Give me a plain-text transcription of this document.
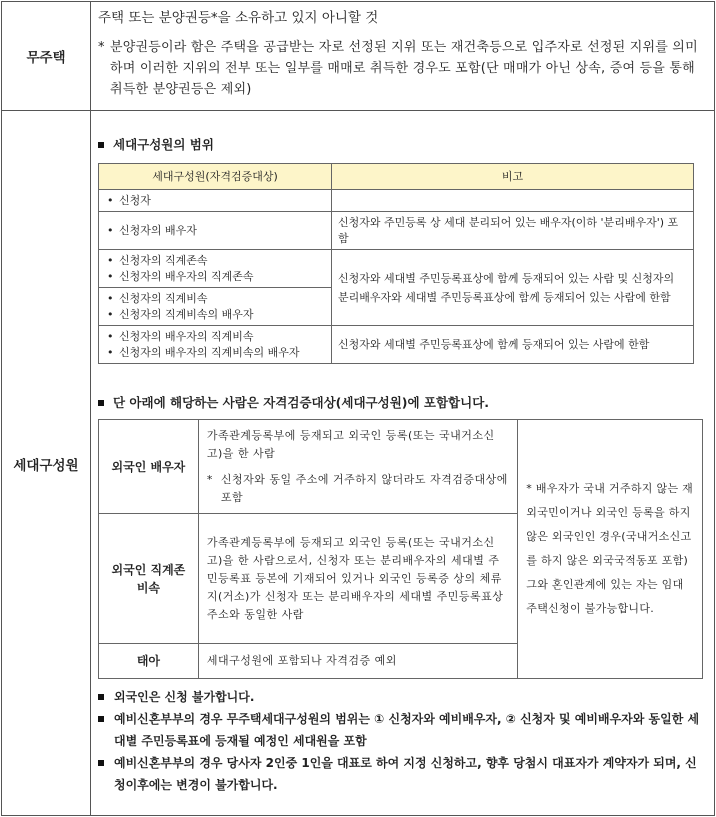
무주택
세대구성원
주택 또는 분양권등*을 소유하고 있지 아니할 것
* 분양권등이라 함은 주택을 공급받는 자로 선정된 지위 또는 재건축등으로 입주자로 선정된 지위를 의미하며 이러한 지위의 전부 또는 일부를 매매로 취득한 경우도 포함(단 매매가 아닌 상속, 증여 등을 통해 취득한 분양권등은 제외)
세대구성원의 범위
세대구성원(자격검증대상)	비고

• 신청자

• 신청자의 배우자	신청자와 주민등록 상 세대 분리되어 있는 배우자(이하 '분리배우자') 포함

• 신청자의 직계존속
• 신청자의 배우자의 직계존속	신청자와 세대별 주민등록표상에 함께 등재되어 있는 사람 및 신청자의 분리배우자와 세대별 주민등록표상에 함께 등재되어 있는 사람에 한함

• 신청자의 직계비속
• 신청자의 직계비속의 배우자

• 신청자의 배우자의 직계비속
• 신청자의 배우자의 직계비속의 배우자	신청자와 세대별 주민등록표상에 함께 등재되어 있는 사람에 한함
단 아래에 해당하는 사람은 자격검증대상(세대구성원)에 포함합니다.
외국인 배우자	가족관계등록부에 등재되고 외국인 등록(또는 국내거소신고)을 한 사람
* 신청자와 동일 주소에 거주하지 않더라도 자격검증대상에 포함	* 배우자가 국내 거주하지 않는 재외국민이거나 외국인 등록을 하지 않은 외국인인 경우(국내거소신고를 하지 않은 외국국적동포 포함) 그와 혼인관계에 있는 자는 임대주택신청이 불가능합니다.
외국인 직계존비속	가족관계등록부에 등재되고 외국인 등록(또는 국내거소신고)을 한 사람으로서, 신청자 또는 분리배우자의 세대별 주민등록표 등본에 기재되어 있거나 외국인 등록증 상의 체류지(거소)가 신청자 또는 분리배우자의 세대별 주민등록표상 주소와 동일한 사람	
태아	세대구성원에 포함되나 자격검증 예외	
외국인은 신청 불가합니다.
예비신혼부부의 경우 무주택세대구성원의 범위는 ① 신청자와 예비배우자, ② 신청자 및 예비배우자와 동일한 세대별 주민등록표에 등재될 예정인 세대원을 포함
예비신혼부부의 경우 당사자 2인중 1인을 대표로 하여 지정 신청하고, 향후 당첨시 대표자가 계약자가 되며, 신청이후에는 변경이 불가합니다.
